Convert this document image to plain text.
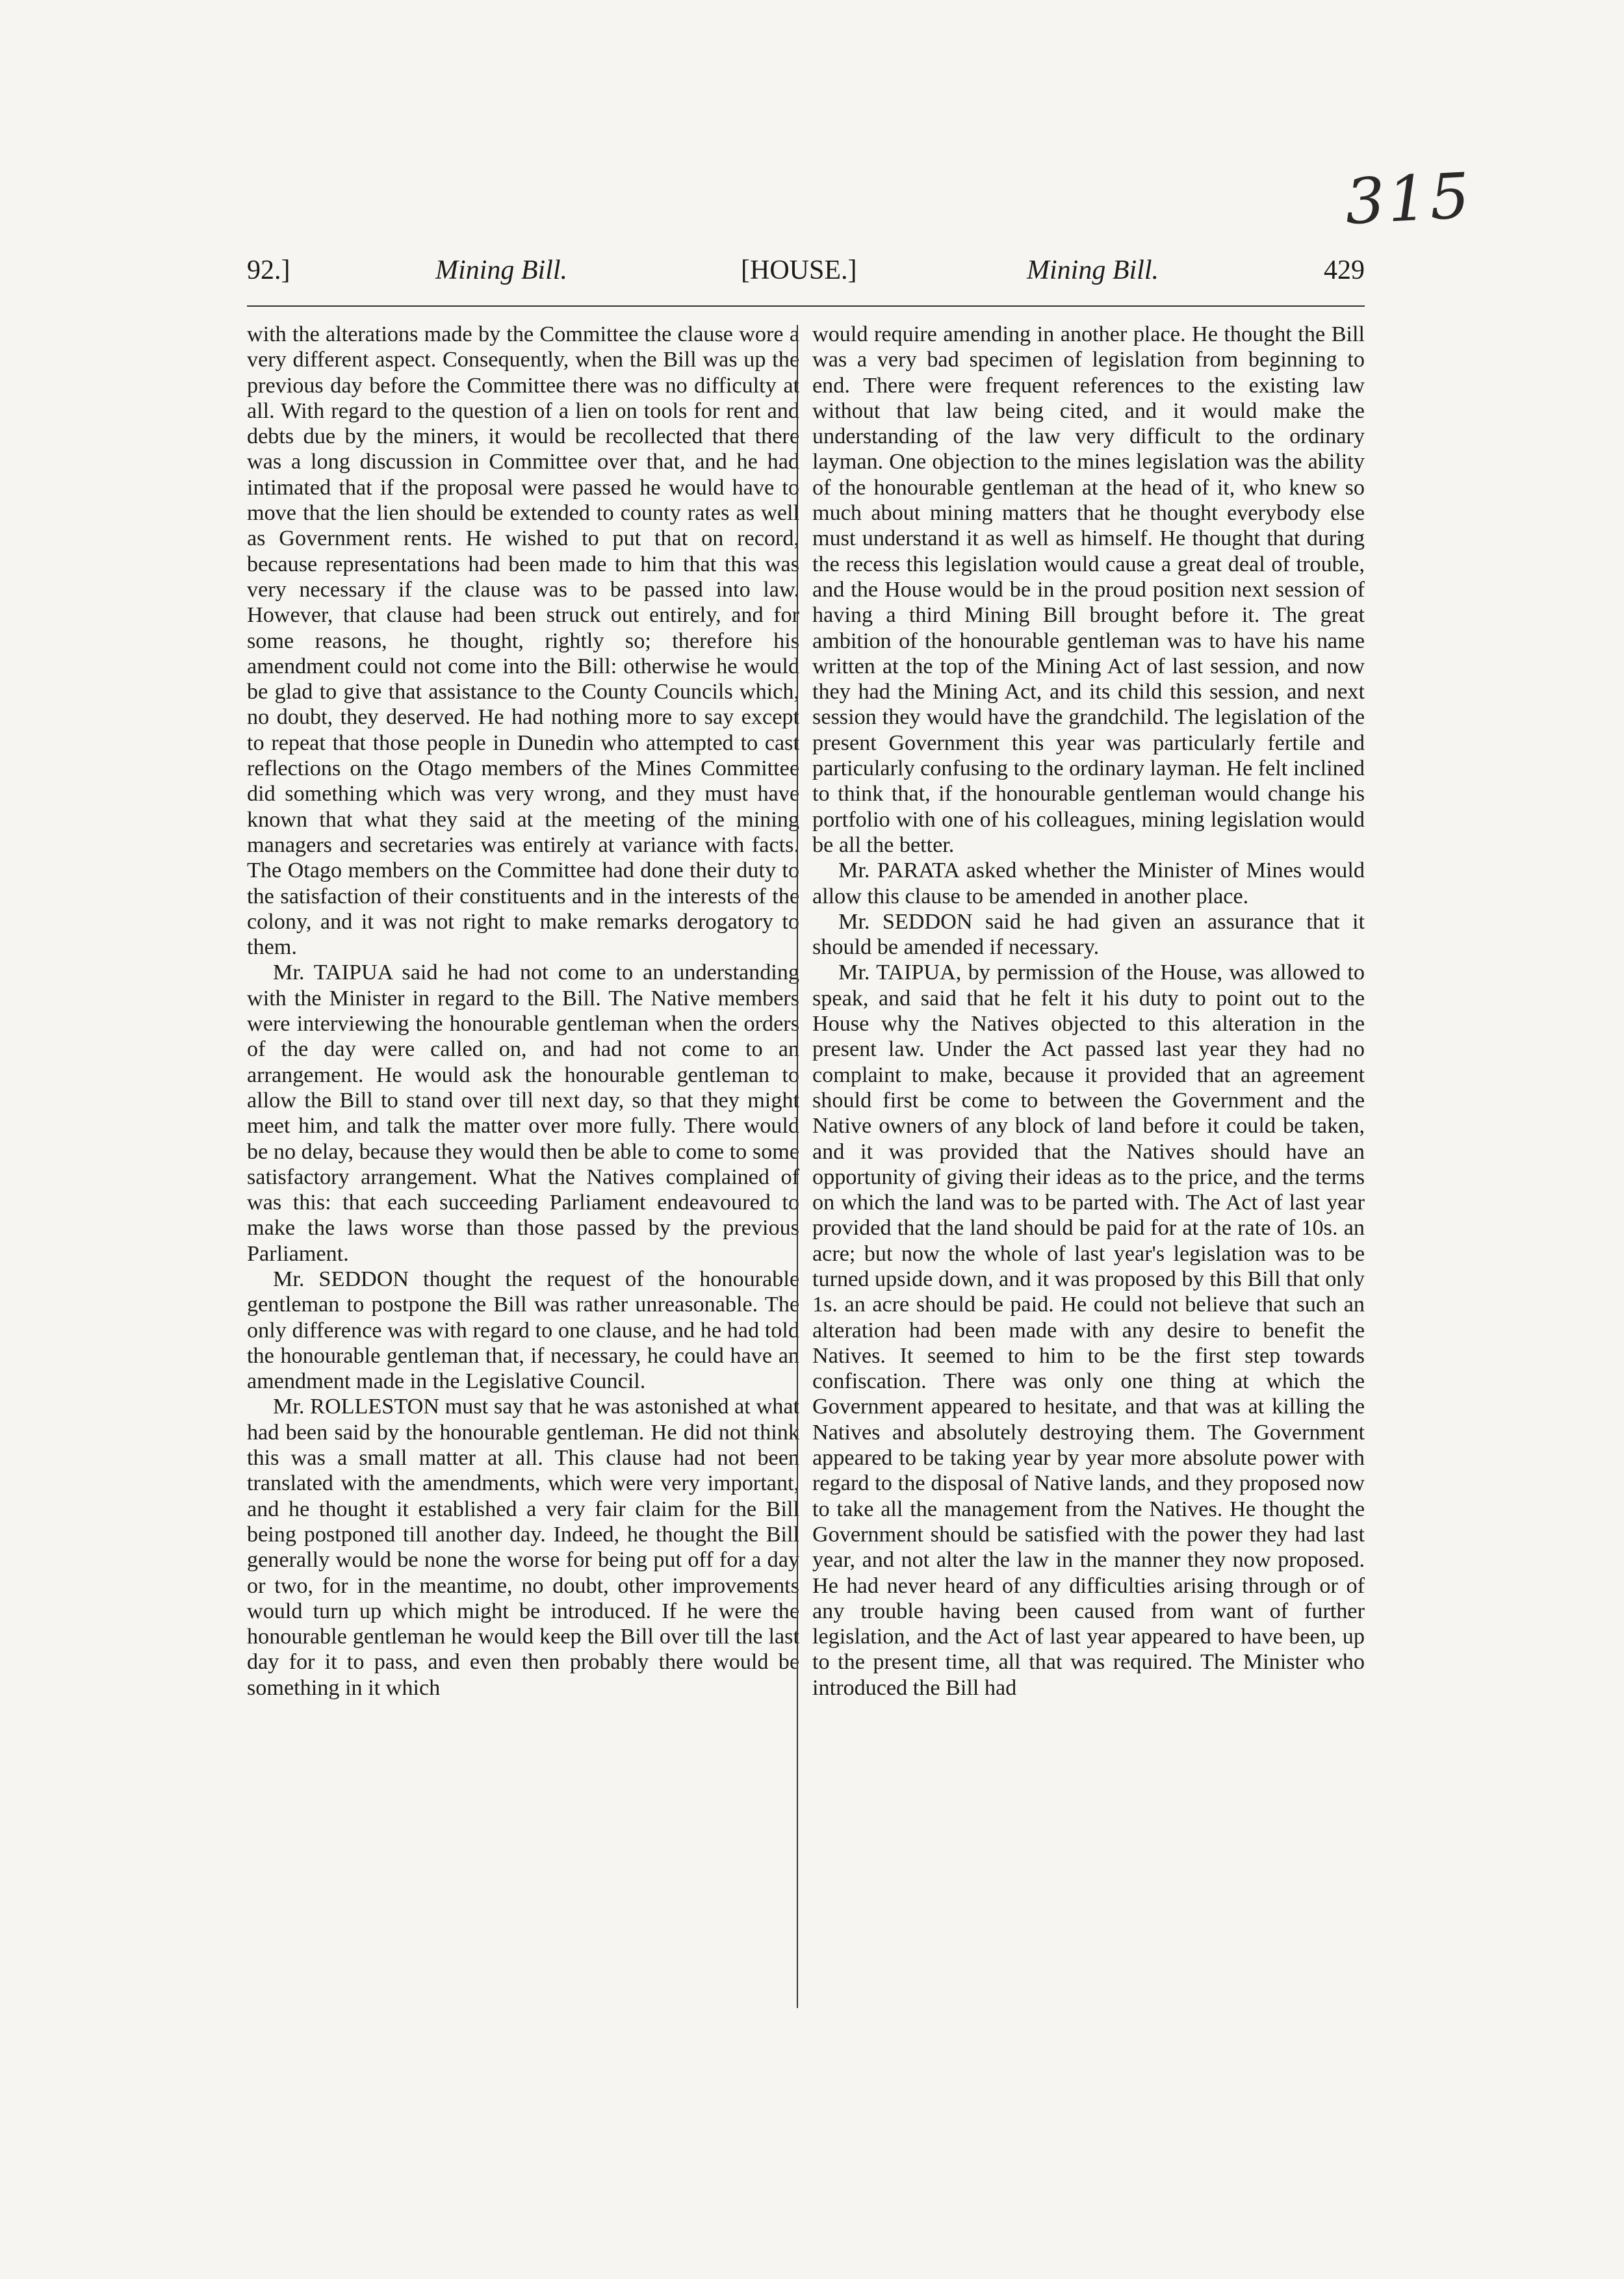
315
92.]	Mining Bill.	[HOUSE.]	Mining Bill.	429

with the alterations made by the Committee the clause wore a very different aspect. Consequently, when the Bill was up the previous day before the Committee there was no difficulty at all. With regard to the question of a lien on tools for rent and debts due by the miners, it would be recollected that there was a long discussion in Committee over that, and he had intimated that if the proposal were passed he would have to move that the lien should be extended to county rates as well as Government rents. He wished to put that on record, because representations had been made to him that this was very necessary if the clause was to be passed into law. However, that clause had been struck out entirely, and for some reasons, he thought, rightly so; therefore his amendment could not come into the Bill: otherwise he would be glad to give that assistance to the County Councils which, no doubt, they deserved. He had nothing more to say except to repeat that those people in Dunedin who attempted to cast reflections on the Otago members of the Mines Committee did something which was very wrong, and they must have known that what they said at the meeting of the mining managers and secretaries was entirely at variance with facts. The Otago members on the Committee had done their duty to the satisfaction of their constituents and in the interests of the colony, and it was not right to make remarks derogatory to them.

Mr. TAIPUA said he had not come to an understanding with the Minister in regard to the Bill. The Native members were interviewing the honourable gentleman when the orders of the day were called on, and had not come to an arrangement. He would ask the honourable gentleman to allow the Bill to stand over till next day, so that they might meet him, and talk the matter over more fully. There would be no delay, because they would then be able to come to some satisfactory arrangement. What the Natives complained of was this: that each succeeding Parliament endeavoured to make the laws worse than those passed by the previous Parliament.

Mr. SEDDON thought the request of the honourable gentleman to postpone the Bill was rather unreasonable. The only difference was with regard to one clause, and he had told the honourable gentleman that, if necessary, he could have an amendment made in the Legislative Council.

Mr. ROLLESTON must say that he was astonished at what had been said by the honourable gentleman. He did not think this was a small matter at all. This clause had not been translated with the amendments, which were very important, and he thought it established a very fair claim for the Bill being postponed till another day. Indeed, he thought the Bill generally would be none the worse for being put off for a day or two, for in the meantime, no doubt, other improvements would turn up which might be introduced. If he were the honourable gentleman he would keep the Bill over till the last day for it to pass, and even then probably there would be something in it which

would require amending in another place. He thought the Bill was a very bad specimen of legislation from beginning to end. There were frequent references to the existing law without that law being cited, and it would make the understanding of the law very difficult to the ordinary layman. One objection to the mines legislation was the ability of the honourable gentleman at the head of it, who knew so much about mining matters that he thought everybody else must understand it as well as himself. He thought that during the recess this legislation would cause a great deal of trouble, and the House would be in the proud position next session of having a third Mining Bill brought before it. The great ambition of the honourable gentleman was to have his name written at the top of the Mining Act of last session, and now they had the Mining Act, and its child this session, and next session they would have the grandchild. The legislation of the present Government this year was particularly fertile and particularly confusing to the ordinary layman. He felt inclined to think that, if the honourable gentleman would change his portfolio with one of his colleagues, mining legislation would be all the better.

Mr. PARATA asked whether the Minister of Mines would allow this clause to be amended in another place.

Mr. SEDDON said he had given an assurance that it should be amended if necessary.

Mr. TAIPUA, by permission of the House, was allowed to speak, and said that he felt it his duty to point out to the House why the Natives objected to this alteration in the present law. Under the Act passed last year they had no complaint to make, because it provided that an agreement should first be come to between the Government and the Native owners of any block of land before it could be taken, and it was provided that the Natives should have an opportunity of giving their ideas as to the price, and the terms on which the land was to be parted with. The Act of last year provided that the land should be paid for at the rate of 10s. an acre; but now the whole of last year's legislation was to be turned upside down, and it was proposed by this Bill that only 1s. an acre should be paid. He could not believe that such an alteration had been made with any desire to benefit the Natives. It seemed to him to be the first step towards confiscation. There was only one thing at which the Government appeared to hesitate, and that was at killing the Natives and absolutely destroying them. The Government appeared to be taking year by year more absolute power with regard to the disposal of Native lands, and they proposed now to take all the management from the Natives. He thought the Government should be satisfied with the power they had last year, and not alter the law in the manner they now proposed. He had never heard of any difficulties arising through or of any trouble having been caused from want of further legislation, and the Act of last year appeared to have been, up to the present time, all that was required. The Minister who introduced the Bill had
